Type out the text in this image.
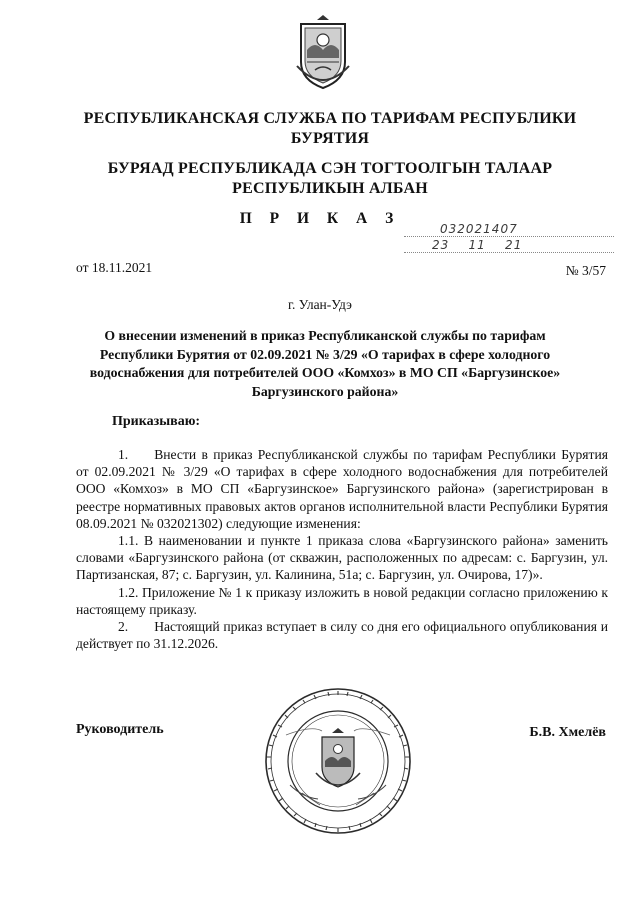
РЕСПУБЛИКАНСКАЯ СЛУЖБА ПО ТАРИФАМ РЕСПУБЛИКИ БУРЯТИЯ
БУРЯАД РЕСПУБЛИКАДА СЭН ТОГТООЛГЫН ТАЛААР РЕСПУБЛИКЫН АЛБАН
П Р И К А З
032021407
23    11    21
от 18.11.2021	№ 3/57
г. Улан-Удэ
О внесении изменений в приказ Республиканской службы по тарифам Республики Бурятия от 02.09.2021 № 3/29 «О тарифах в сфере холодного водоснабжения для потребителей ООО «Комхоз» в МО СП «Баргузинское» Баргузинского района»
Приказываю:

1. Внести в приказ Республиканской службы по тарифам Республики Бурятия от 02.09.2021 № 3/29 «О тарифах в сфере холодного водоснабжения для потребителей ООО «Комхоз» в МО СП «Баргузинское» Баргузинского района» (зарегистрирован в реестре нормативных правовых актов органов исполнительной власти Республики Бурятия 08.09.2021 № 032021302) следующие изменения:

1.1. В наименовании и пункте 1 приказа слова «Баргузинского района» заменить словами «Баргузинского района (от скважин, расположенных по адресам: с. Баргузин, ул. Партизанская, 87; с. Баргузин, ул. Калинина, 51а; с. Баргузин, ул. Очирова, 17)».

1.2. Приложение № 1 к приказу изложить в новой редакции согласно приложению к настоящему приказу.

2. Настоящий приказ вступает в силу со дня его официального опубликования и действует по 31.12.2026.

Руководитель	Б.В. Хмелёв
